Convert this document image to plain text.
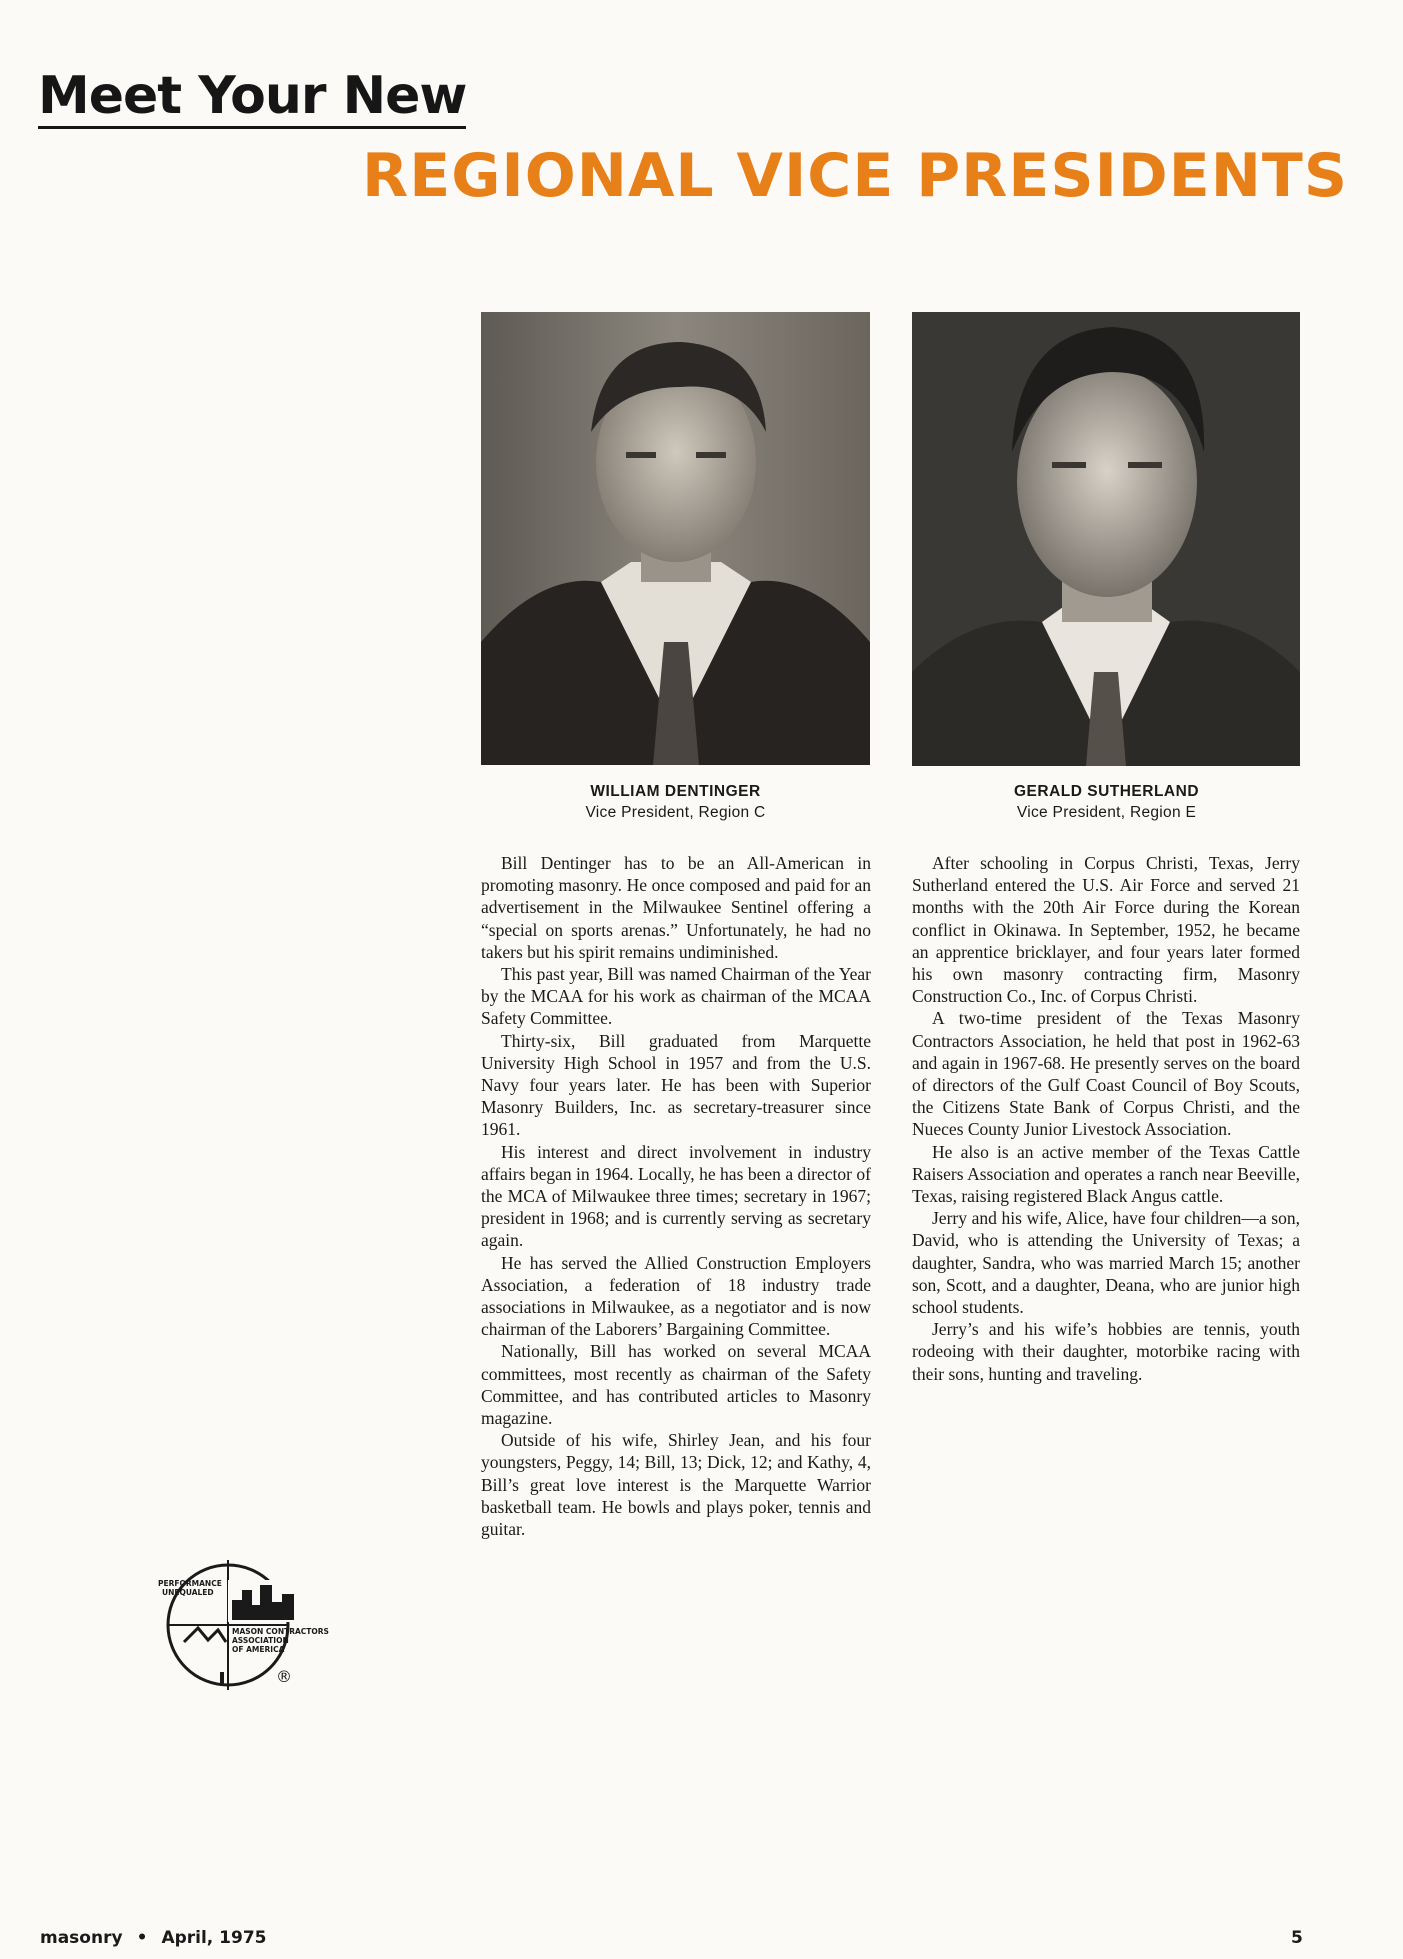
Meet Your New
REGIONAL VICE PRESIDENTS
WILLIAM DENTINGER
Vice President, Region C
GERALD SUTHERLAND
Vice President, Region E

Bill Dentinger has to be an All-American in promoting masonry. He once composed and paid for an advertisement in the Milwaukee Sentinel offering a “special on sports arenas.” Unfortunately, he had no takers but his spirit remains undiminished.

This past year, Bill was named Chairman of the Year by the MCAA for his work as chairman of the MCAA Safety Committee.

Thirty-six, Bill graduated from Marquette University High School in 1957 and from the U.S. Navy four years later. He has been with Superior Masonry Builders, Inc. as secretary-treasurer since 1961.

His interest and direct involvement in industry affairs began in 1964. Locally, he has been a director of the MCA of Milwaukee three times; secretary in 1967; president in 1968; and is currently serving as secretary again.

He has served the Allied Construction Employers Association, a federation of 18 industry trade associations in Milwaukee, as a negotiator and is now chairman of the Laborers’ Bargaining Committee.

Nationally, Bill has worked on several MCAA committees, most recently as chairman of the Safety Committee, and has contributed articles to Masonry magazine.

Outside of his wife, Shirley Jean, and his four youngsters, Peggy, 14; Bill, 13; Dick, 12; and Kathy, 4, Bill’s great love interest is the Marquette Warrior basketball team. He bowls and plays poker, tennis and guitar.

After schooling in Corpus Christi, Texas, Jerry Sutherland entered the U.S. Air Force and served 21 months with the 20th Air Force during the Korean conflict in Okinawa. In September, 1952, he became an apprentice bricklayer, and four years later formed his own masonry contracting firm, Masonry Construction Co., Inc. of Corpus Christi.

A two-time president of the Texas Masonry Contractors Association, he held that post in 1962-63 and again in 1967-68. He presently serves on the board of directors of the Gulf Coast Council of Boy Scouts, the Citizens State Bank of Corpus Christi, and the Nueces County Junior Livestock Association.

He also is an active member of the Texas Cattle Raisers Association and operates a ranch near Beeville, Texas, raising registered Black Angus cattle.

Jerry and his wife, Alice, have four children—a son, David, who is attending the University of Texas; a daughter, Sandra, who was married March 15; another son, Scott, and a daughter, Deana, who are junior high school students.

Jerry’s and his wife’s hobbies are tennis, youth rodeoing with their daughter, motorbike racing with their sons, hunting and traveling.

PERFORMANCE
UNEQUALED
MASON CONTRACTORS
ASSOCIATION
OF AMERICA
®
masonry • April, 1975	5
